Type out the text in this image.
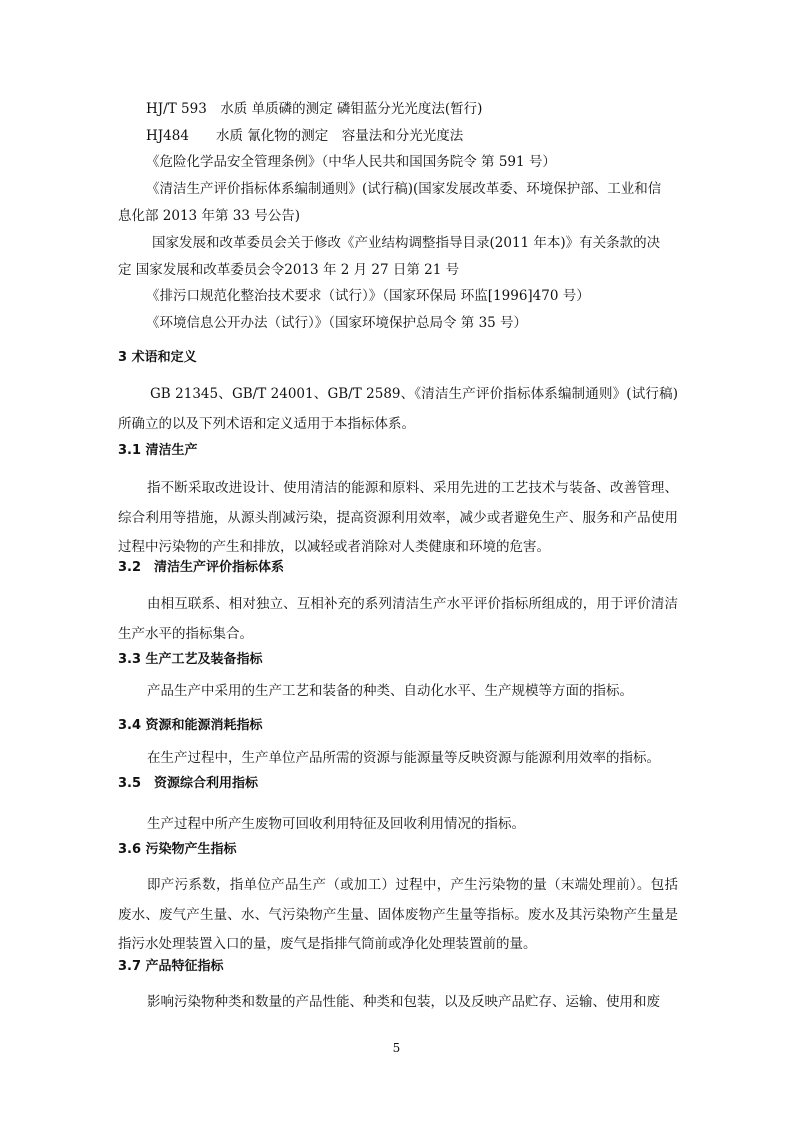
HJ/T 593　水质 单质磷的测定 磷钼蓝分光光度法(暂行)
HJ484　　水质 氰化物的测定　容量法和分光光度法
《危险化学品安全管理条例》（中华人民共和国国务院令 第 591 号）
《清洁生产评价指标体系编制通则》(试行稿)(国家发展改革委、环境保护部、工业和信
息化部 2013 年第 33 号公告)
国家发展和改革委员会关于修改《产业结构调整指导目录(2011 年本)》有关条款的决
定 国家发展和改革委员会令2013 年 2 月 27 日第 21 号
《排污口规范化整治技术要求（试行）》（国家环保局 环监[1996]470 号）
《环境信息公开办法（试行）》（国家环境保护总局令 第 35 号）
3 术语和定义
GB 21345、GB/T 24001、GB/T 2589、《清洁生产评价指标体系编制通则》(试行稿)所确立的以及下列术语和定义适用于本指标体系。
3.1 清洁生产
指不断采取改进设计、使用清洁的能源和原料、采用先进的工艺技术与装备、改善管理、综合利用等措施，从源头削减污染，提高资源利用效率，减少或者避免生产、服务和产品使用过程中污染物的产生和排放，以减轻或者消除对人类健康和环境的危害。
3.2　清洁生产评价指标体系
由相互联系、相对独立、互相补充的系列清洁生产水平评价指标所组成的，用于评价清洁生产水平的指标集合。
3.3 生产工艺及装备指标
产品生产中采用的生产工艺和装备的种类、自动化水平、生产规模等方面的指标。
3.4 资源和能源消耗指标
在生产过程中，生产单位产品所需的资源与能源量等反映资源与能源利用效率的指标。
3.5　资源综合利用指标
生产过程中所产生废物可回收利用特征及回收利用情况的指标。
3.6 污染物产生指标
即产污系数，指单位产品生产（或加工）过程中，产生污染物的量（末端处理前）。包括废水、废气产生量、水、气污染物产生量、固体废物产生量等指标。废水及其污染物产生量是指污水处理装置入口的量，废气是指排气筒前或净化处理装置前的量。
3.7 产品特征指标
影响污染物种类和数量的产品性能、种类和包装，以及反映产品贮存、运输、使用和废
5
